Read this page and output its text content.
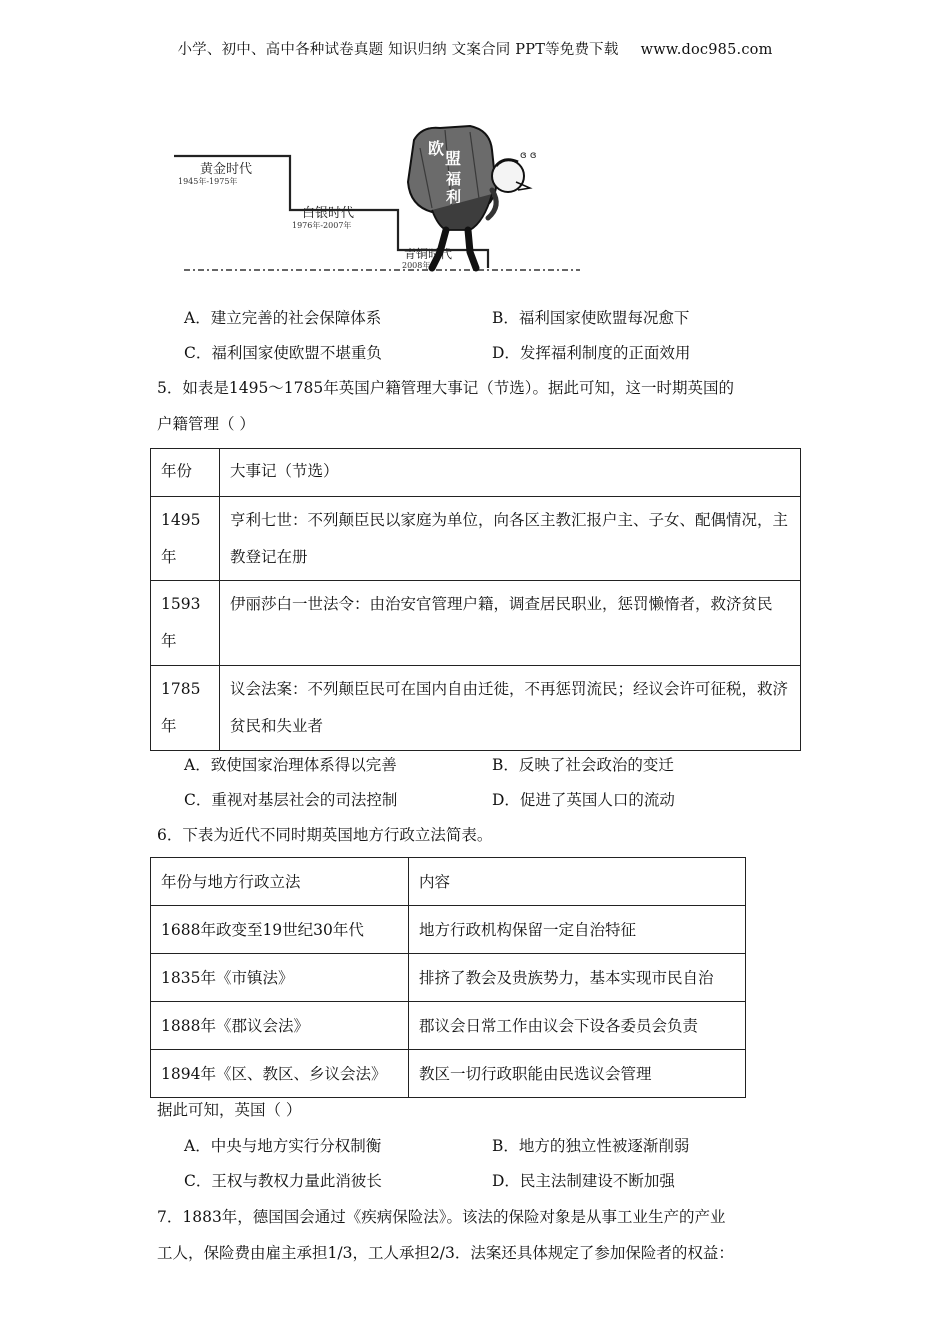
小学、初中、高中各种试卷真题 知识归纳 文案合同 PPT等免费下载 www.doc985.com
黄金时代
1945年-1975年
白银时代
1976年-2007年
青铜时代
2008年-
欧
盟
福
利
ɞ ɞ
A．建立完善的社会保障体系	B．福利国家使欧盟每况愈下
C．福利国家使欧盟不堪重负	D．发挥福利制度的正面效用
5．如表是1495～1785年英国户籍管理大事记（节选）。据此可知，这一时期英国的
户籍管理（ ）
年份	大事记（节选）
1495年	亨利七世：不列颠臣民以家庭为单位，向各区主教汇报户主、子女、配偶情况，主教登记在册
1593年	伊丽莎白一世法令：由治安官管理户籍，调查居民职业，惩罚懒惰者，救济贫民
1785年	议会法案：不列颠臣民可在国内自由迁徙，不再惩罚流民；经议会许可征税，救济贫民和失业者
A．致使国家治理体系得以完善	B．反映了社会政治的变迁
C．重视对基层社会的司法控制	D．促进了英国人口的流动
6．下表为近代不同时期英国地方行政立法简表。
年份与地方行政立法	内容
1688年政变至19世纪30年代	地方行政机构保留一定自治特征
1835年《市镇法》	排挤了教会及贵族势力，基本实现市民自治
1888年《郡议会法》	郡议会日常工作由议会下设各委员会负责
1894年《区、教区、乡议会法》	教区一切行政职能由民选议会管理
据此可知，英国（ ）
A．中央与地方实行分权制衡	B．地方的独立性被逐渐削弱
C．王权与教权力量此消彼长	D．民主法制建设不断加强
7．1883年，德国国会通过《疾病保险法》。该法的保险对象是从事工业生产的产业
工人，保险费由雇主承担1/3，工人承担2/3．法案还具体规定了参加保险者的权益：
